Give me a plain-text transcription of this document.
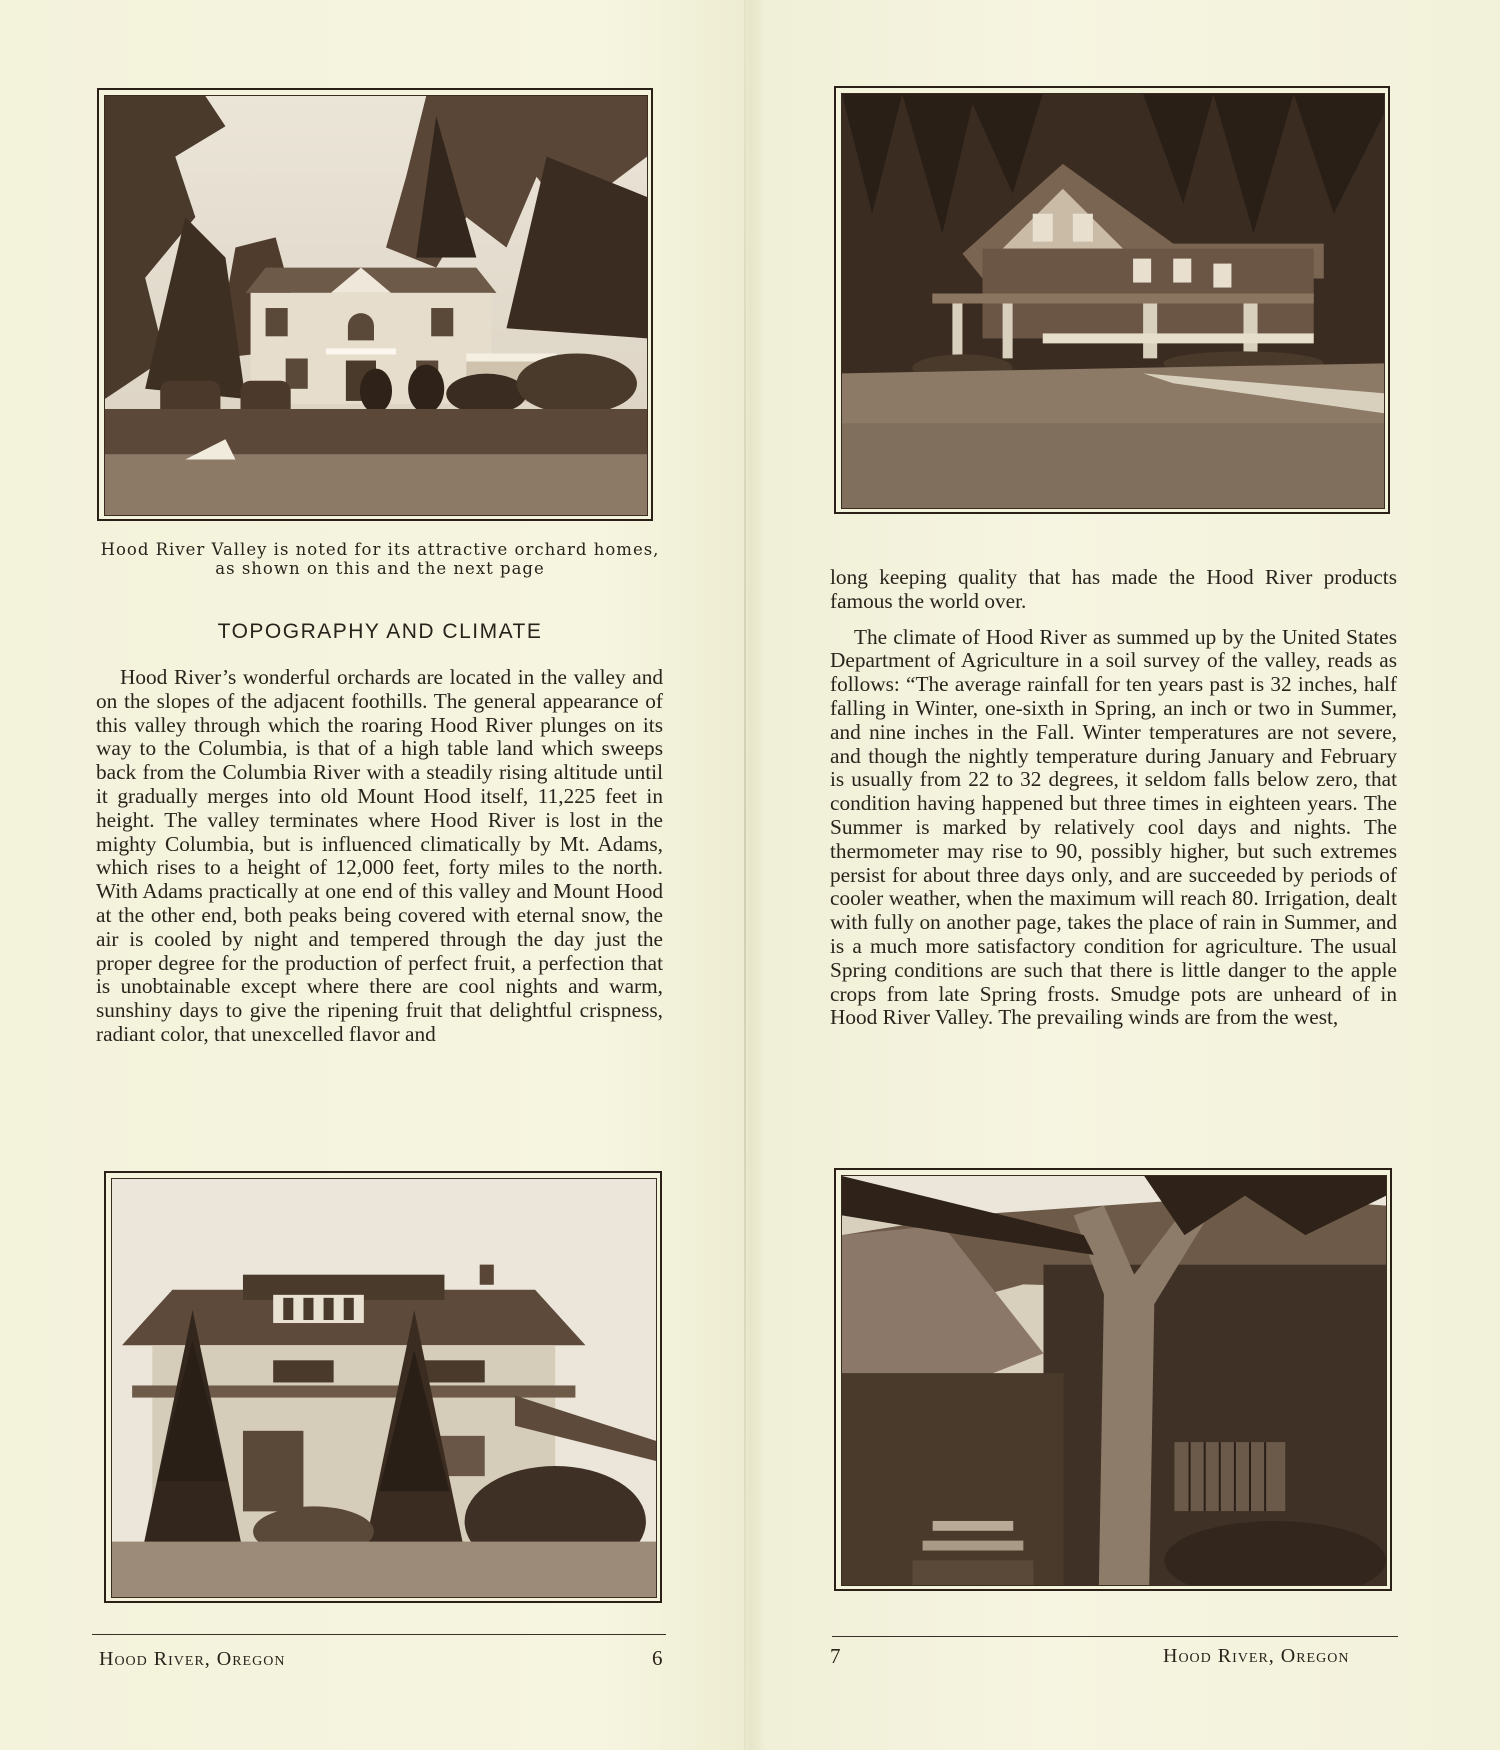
Hood River Valley is noted for its attractive orchard homes, as shown on this and the next page
TOPOGRAPHY AND CLIMATE

Hood River’s wonderful orchards are located in the valley and on the slopes of the adjacent foothills. The general appearance of this valley through which the roaring Hood River plunges on its way to the Columbia, is that of a high table land which sweeps back from the Columbia River with a steadily rising altitude until it gradually merges into old Mount Hood itself, 11,225 feet in height. The valley terminates where Hood River is lost in the mighty Columbia, but is influenced climatically by Mt. Adams, which rises to a height of 12,000 feet, forty miles to the north. With Adams practically at one end of this valley and Mount Hood at the other end, both peaks being covered with eternal snow, the air is cooled by night and tempered through the day just the proper degree for the production of perfect fruit, a perfection that is unobtainable except where there are cool nights and warm, sunshiny days to give the ripening fruit that delightful crispness, radiant color, that unexcelled flavor and

Hood River, Oregon	6

long keeping quality that has made the Hood River products famous the world over.

The climate of Hood River as summed up by the United States Department of Agriculture in a soil survey of the valley, reads as follows: “The average rainfall for ten years past is 32 inches, half falling in Winter, one-sixth in Spring, an inch or two in Summer, and nine inches in the Fall. Winter temperatures are not severe, and though the nightly temperature during January and February is usually from 22 to 32 degrees, it seldom falls below zero, that condition having happened but three times in eighteen years. The Summer is marked by relatively cool days and nights. The thermometer may rise to 90, possibly higher, but such extremes persist for about three days only, and are succeeded by periods of cooler weather, when the maximum will reach 80. Irrigation, dealt with fully on another page, takes the place of rain in Summer, and is a much more satisfactory condition for agriculture. The usual Spring conditions are such that there is little danger to the apple crops from late Spring frosts. Smudge pots are unheard of in Hood River Valley. The prevailing winds are from the west,

7	Hood River, Oregon
